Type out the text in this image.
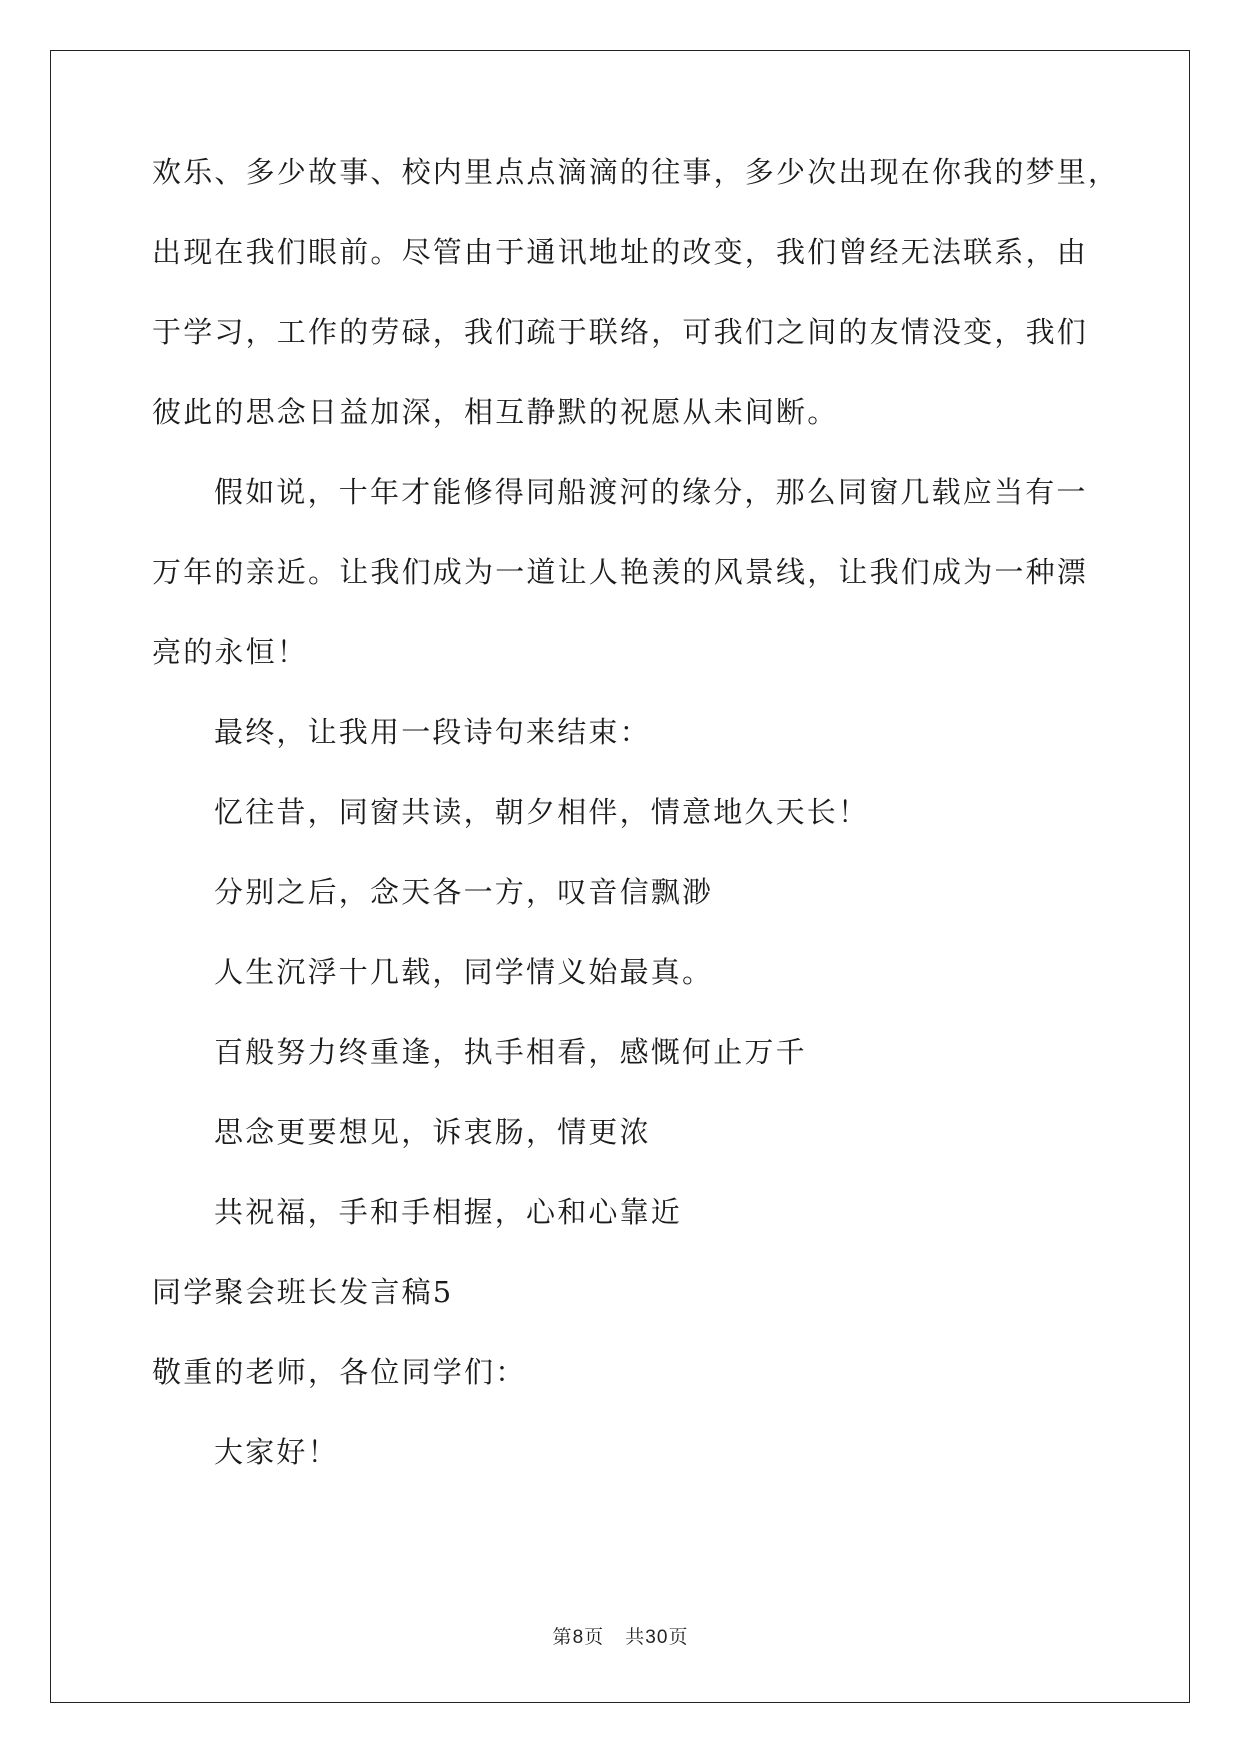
欢乐、多少故事、校内里点点滴滴的往事，多少次出现在你我的梦里，
出现在我们眼前。尽管由于通讯地址的改变，我们曾经无法联系，由
于学习，工作的劳碌，我们疏于联络，可我们之间的友情没变，我们
彼此的思念日益加深，相互静默的祝愿从未间断。
假如说，十年才能修得同船渡河的缘分，那么同窗几载应当有一
万年的亲近。让我们成为一道让人艳羡的风景线，让我们成为一种漂
亮的永恒！
最终，让我用一段诗句来结束：
忆往昔，同窗共读，朝夕相伴，情意地久天长！
分别之后，念天各一方，叹音信飘渺
人生沉浮十几载，同学情义始最真。
百般努力终重逢，执手相看，感慨何止万千
思念更要想见，诉衷肠，情更浓
共祝福，手和手相握，心和心靠近
同学聚会班长发言稿5
敬重的老师，各位同学们：
大家好！
第8页 共30页
